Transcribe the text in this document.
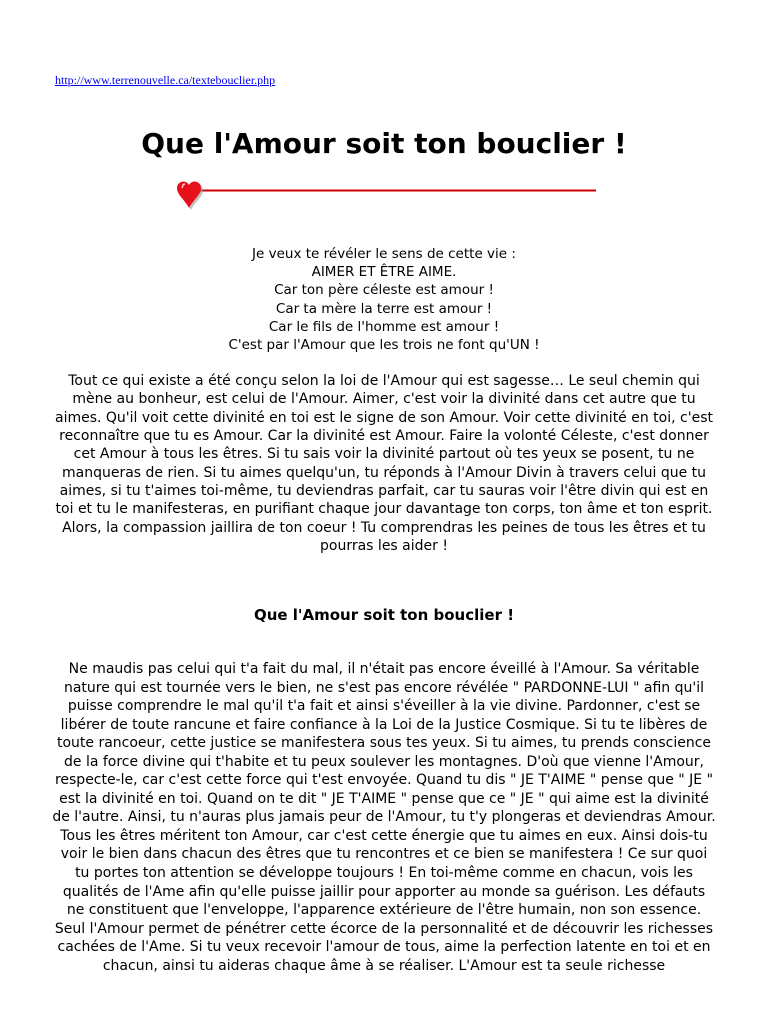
http://www.terrenouvelle.ca/textebouclier.php
Que l'Amour soit ton bouclier !
Je veux te révéler le sens de cette vie :
AIMER ET ÊTRE AIME.
Car ton père céleste est amour !
Car ta mère la terre est amour !
Car le fils de l'homme est amour !
C'est par l'Amour que les trois ne font qu'UN !

Tout ce qui existe a été conçu selon la loi de l'Amour qui est sagesse… Le seul chemin qui mène au bonheur, est celui de l'Amour. Aimer, c'est voir la divinité dans cet autre que tu aimes. Qu'il voit cette divinité en toi est le signe de son Amour. Voir cette divinité en toi, c'est reconnaître que tu es Amour. Car la divinité est Amour. Faire la volonté Céleste, c'est donner cet Amour à tous les êtres. Si tu sais voir la divinité partout où tes yeux se posent, tu ne manqueras de rien. Si tu aimes quelqu'un, tu réponds à l'Amour Divin à travers celui que tu aimes, si tu t'aimes toi-même, tu deviendras parfait, car tu sauras voir l'être divin qui est en toi et tu le manifesteras, en purifiant chaque jour davantage ton corps, ton âme et ton esprit. Alors, la compassion jaillira de ton coeur ! Tu comprendras les peines de tous les êtres et tu pourras les aider !

Que l'Amour soit ton bouclier !

Ne maudis pas celui qui t'a fait du mal, il n'était pas encore éveillé à l'Amour. Sa véritable nature qui est tournée vers le bien, ne s'est pas encore révélée " PARDONNE-LUI " afin qu'il puisse comprendre le mal qu'il t'a fait et ainsi s'éveiller à la vie divine. Pardonner, c'est se libérer de toute rancune et faire confiance à la Loi de la Justice Cosmique. Si tu te libères de toute rancoeur, cette justice se manifestera sous tes yeux. Si tu aimes, tu prends conscience de la force divine qui t'habite et tu peux soulever les montagnes. D'où que vienne l'Amour, respecte-le, car c'est cette force qui t'est envoyée. Quand tu dis " JE T'AIME " pense que " JE " est la divinité en toi. Quand on te dit " JE T'AIME " pense que ce " JE " qui aime est la divinité de l'autre. Ainsi, tu n'auras plus jamais peur de l'Amour, tu t'y plongeras et deviendras Amour. Tous les êtres méritent ton Amour, car c'est cette énergie que tu aimes en eux. Ainsi dois-tu voir le bien dans chacun des êtres que tu rencontres et ce bien se manifestera ! Ce sur quoi tu portes ton attention se développe toujours ! En toi-même comme en chacun, vois les qualités de l'Ame afin qu'elle puisse jaillir pour apporter au monde sa guérison. Les défauts ne constituent que l'enveloppe, l'apparence extérieure de l'être humain, non son essence. Seul l'Amour permet de pénétrer cette écorce de la personnalité et de découvrir les richesses cachées de l'Ame. Si tu veux recevoir l'amour de tous, aime la perfection latente en toi et en chacun, ainsi tu aideras chaque âme à se réaliser. L'Amour est ta seule richesse
